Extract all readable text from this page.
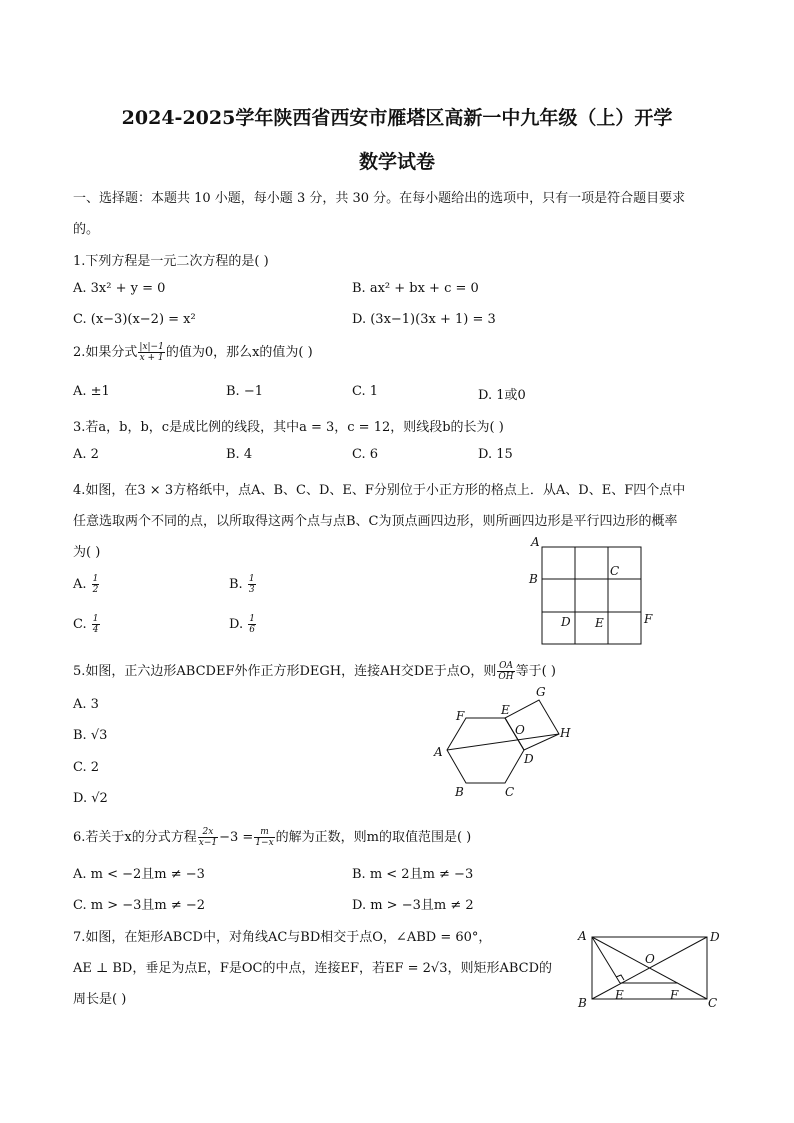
2024-2025学年陕西省西安市雁塔区高新一中九年级（上）开学
数学试卷
一、选择题：本题共 10 小题，每小题 3 分，共 30 分。在每小题给出的选项中，只有一项是符合题目要求
的。
1.下列方程是一元二次方程的是( )
A. 3x² + y = 0	B. ax² + bx + c = 0
C. (x−3)(x−2) = x²	D. (3x−1)(3x + 1) = 3
2.如果分式 $\frac{|x|-1}{x + 1}$ 的值为0，那么x的值为( )
A. ±1	B. −1	C. 1	D. 1或0
3.若a，b，b，c是成比例的线段，其中a = 3，c = 12，则线段b的长为( )
A. 2	B. 4	C. 6	D. 15
4.如图，在3 × 3方格纸中，点A、B、C、D、E、F分别位于小正方形的格点上．从A、D、E、F四个点中
任意选取两个不同的点，以所取得这两个点与点B、C为顶点画四边形，则所画四边形是平行四边形的概率
为( )
A. $\frac{1}{2}$	B. $\frac{1}{3}$
C. $\frac{1}{4}$	D. $\frac{1}{6}$
A
B
C
D E	F
5.如图，正六边形ABCDEF外作正方形DEGH，连接AH交DE于点O，则 $\frac{OA}{OH}$ 等于( )
A. 3
B. √3
C. 2
D. √2
A
B	C
D
E
F
G
H
O
6.若关于x的分式方程 $\frac{2x}{x-1} -3 = \frac{m}{1-x}$ 的解为正数，则m的取值范围是( )
A. m < −2且m ≠ −3	B. m < 2且m ≠ −3
C. m > −3且m ≠ −2	D. m > −3且m ≠ 2
7.如图，在矩形ABCD中，对角线AC与BD相交于点O，∠ABD = 60°，
AE ⊥ BD，垂足为点E，F是OC的中点，连接EF，若EF = 2√3，则矩形ABCD的
周长是( )
A
B	C
D
E	F
O
